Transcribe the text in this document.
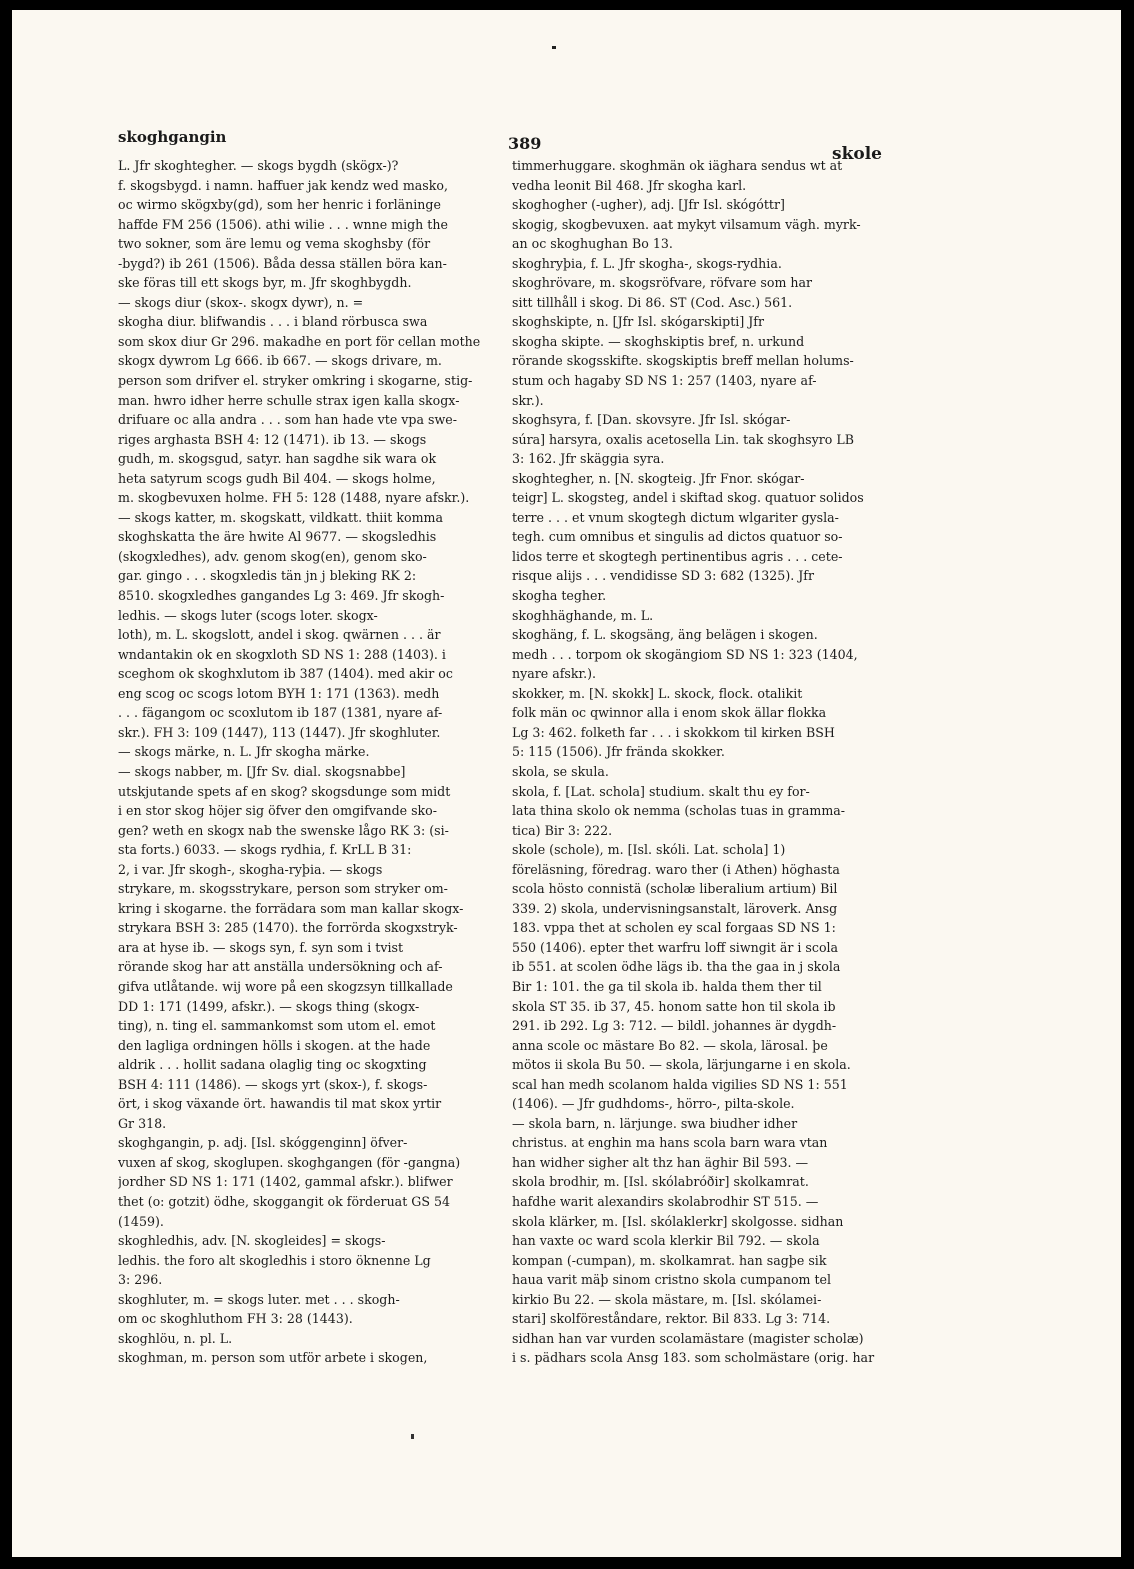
skoghgangin	389
skole
L. Jfr skoghtegher. — skogs bygdh (skögx-)?
f. skogsbygd. i namn. haffuer jak kendz wed masko,
oc wirmo skögxby(gd), som her henric i forläninge
haffde FM 256 (1506). athi wilie . . . wnne migh the
two sokner, som äre lemu og vema skoghsby (för
-bygd?) ib 261 (1506). Båda dessa ställen böra kan-
ske föras till ett skogs byr, m. Jfr skoghbygdh.
— skogs diur (skox-. skogx dywr), n. =
skogha diur. blifwandis . . . i bland rörbusca swa
som skox diur Gr 296. makadhe en port för cellan mothe
skogx dywrom Lg 666. ib 667. — skogs drivare, m.
person som drifver el. stryker omkring i skogarne, stig-
man. hwro idher herre schulle strax igen kalla skogx-
drifuare oc alla andra . . . som han hade vte vpa swe-
riges arghasta BSH 4: 12 (1471). ib 13. — skogs
gudh, m. skogsgud, satyr. han sagdhe sik wara ok
heta satyrum scogs gudh Bil 404. — skogs holme,
m. skogbevuxen holme. FH 5: 128 (1488, nyare afskr.).
— skogs katter, m. skogskatt, vildkatt. thiit komma
skoghskatta the äre hwite Al 9677. — skogsledhis
(skogxledhes), adv. genom skog(en), genom sko-
gar. gingo . . . skogxledis tän jn j bleking RK 2:
8510. skogxledhes gangandes Lg 3: 469. Jfr skogh-
ledhis. — skogs luter (scogs loter. skogx-
loth), m. L. skogslott, andel i skog. qwärnen . . . är
wndantakin ok en skogxloth SD NS 1: 288 (1403). i
sceghom ok skoghxlutom ib 387 (1404). med akir oc
eng scog oc scogs lotom BYH 1: 171 (1363). medh
. . . fägangom oc scoxlutom ib 187 (1381, nyare af-
skr.). FH 3: 109 (1447), 113 (1447). Jfr skoghluter.
— skogs märke, n. L. Jfr skogha märke.
— skogs nabber, m. [Jfr Sv. dial. skogsnabbe]
utskjutande spets af en skog? skogsdunge som midt
i en stor skog höjer sig öfver den omgifvande sko-
gen? weth en skogx nab the swenske lågo RK 3: (si-
sta forts.) 6033. — skogs rydhia, f. KrLL B 31:
2, i var. Jfr skogh-, skogha-ryþia. — skogs
strykare, m. skogsstrykare, person som stryker om-
kring i skogarne. the forrädara som man kallar skogx-
strykara BSH 3: 285 (1470). the forrörda skogxstryk-
ara at hyse ib. — skogs syn, f. syn som i tvist
rörande skog har att anställa undersökning och af-
gifva utlåtande. wij wore på een skogzsyn tillkallade
DD 1: 171 (1499, afskr.). — skogs thing (skogx-
ting), n. ting el. sammankomst som utom el. emot
den lagliga ordningen hölls i skogen. at the hade
aldrik . . . hollit sadana olaglig ting oc skogxting
BSH 4: 111 (1486). — skogs yrt (skox-), f. skogs-
ört, i skog växande ört. hawandis til mat skox yrtir
Gr 318.
skoghgangin, p. adj. [Isl. skóggenginn] öfver-
vuxen af skog, skoglupen. skoghgangen (för -gangna)
jordher SD NS 1: 171 (1402, gammal afskr.). blifwer
thet (o: gotzit) ödhe, skoggangit ok förderuat GS 54
(1459).
skoghledhis, adv. [N. skogleides] = skogs-
ledhis. the foro alt skogledhis i storo öknenne Lg
3: 296.
skoghluter, m. = skogs luter. met . . . skogh-
om oc skoghluthom FH 3: 28 (1443).
skoghlöu, n. pl. L.
skoghman, m. person som utför arbete i skogen,
timmerhuggare. skoghmän ok iäghara sendus wt at
vedha leonit Bil 468. Jfr skogha karl.
skoghogher (-ugher), adj. [Jfr Isl. skógóttr]
skogig, skogbevuxen. aat mykyt vilsamum vägh. myrk-
an oc skoghughan Bo 13.
skoghryþia, f. L. Jfr skogha-, skogs-rydhia.
skoghrövare, m. skogsröfvare, röfvare som har
sitt tillhåll i skog. Di 86. ST (Cod. Asc.) 561.
skoghskipte, n. [Jfr Isl. skógarskipti] Jfr
skogha skipte. — skoghskiptis bref, n. urkund
rörande skogsskifte. skogskiptis breff mellan holums-
stum och hagaby SD NS 1: 257 (1403, nyare af-
skr.).
skoghsyra, f. [Dan. skovsyre. Jfr Isl. skógar-
súra] harsyra, oxalis acetosella Lin. tak skoghsyro LB
3: 162. Jfr skäggia syra.
skoghtegher, n. [N. skogteig. Jfr Fnor. skógar-
teigr] L. skogsteg, andel i skiftad skog. quatuor solidos
terre . . . et vnum skogtegh dictum wlgariter gysla-
tegh. cum omnibus et singulis ad dictos quatuor so-
lidos terre et skogtegh pertinentibus agris . . . cete-
risque alijs . . . vendidisse SD 3: 682 (1325). Jfr
skogha tegher.
skoghhäghande, m. L.
skoghäng, f. L. skogsäng, äng belägen i skogen.
medh . . . torpom ok skogängiom SD NS 1: 323 (1404,
nyare afskr.).
skokker, m. [N. skokk] L. skock, flock. otalikit
folk män oc qwinnor alla i enom skok ällar flokka
Lg 3: 462. folketh far . . . i skokkom til kirken BSH
5: 115 (1506). Jfr frända skokker.
skola, se skula.
skola, f. [Lat. schola] studium. skalt thu ey for-
lata thina skolo ok nemma (scholas tuas in gramma-
tica) Bir 3: 222.
skole (schole), m. [Isl. skóli. Lat. schola] 1)
föreläsning, föredrag. waro ther (i Athen) höghasta
scola hösto connistä (scholæ liberalium artium) Bil
339. 2) skola, undervisningsanstalt, läroverk. Ansg
183. vppa thet at scholen ey scal forgaas SD NS 1:
550 (1406). epter thet warfru loff siwngit är i scola
ib 551. at scolen ödhe lägs ib. tha the gaa in j skola
Bir 1: 101. the ga til skola ib. halda them ther til
skola ST 35. ib 37, 45. honom satte hon til skola ib
291. ib 292. Lg 3: 712. — bildl. johannes är dygdh-
anna scole oc mästare Bo 82. — skola, lärosal. þe
mötos ii skola Bu 50. — skola, lärjungarne i en skola.
scal han medh scolanom halda vigilies SD NS 1: 551
(1406). — Jfr gudhdoms-, hörro-, pilta-skole.
— skola barn, n. lärjunge. swa biudher idher
christus. at enghin ma hans scola barn wara vtan
han widher sigher alt thz han äghir Bil 593. —
skola brodhir, m. [Isl. skólabróðir] skolkamrat.
hafdhe warit alexandirs skolabrodhir ST 515. —
skola klärker, m. [Isl. skólaklerkr] skolgosse. sidhan
han vaxte oc ward scola klerkir Bil 792. — skola
kompan (-cumpan), m. skolkamrat. han sagþe sik
haua varit mäþ sinom cristno skola cumpanom tel
kirkio Bu 22. — skola mästare, m. [Isl. skólamei-
stari] skolföreståndare, rektor. Bil 833. Lg 3: 714.
sidhan han var vurden scolamästare (magister scholæ)
i s. pädhars scola Ansg 183. som scholmästare (orig. har
